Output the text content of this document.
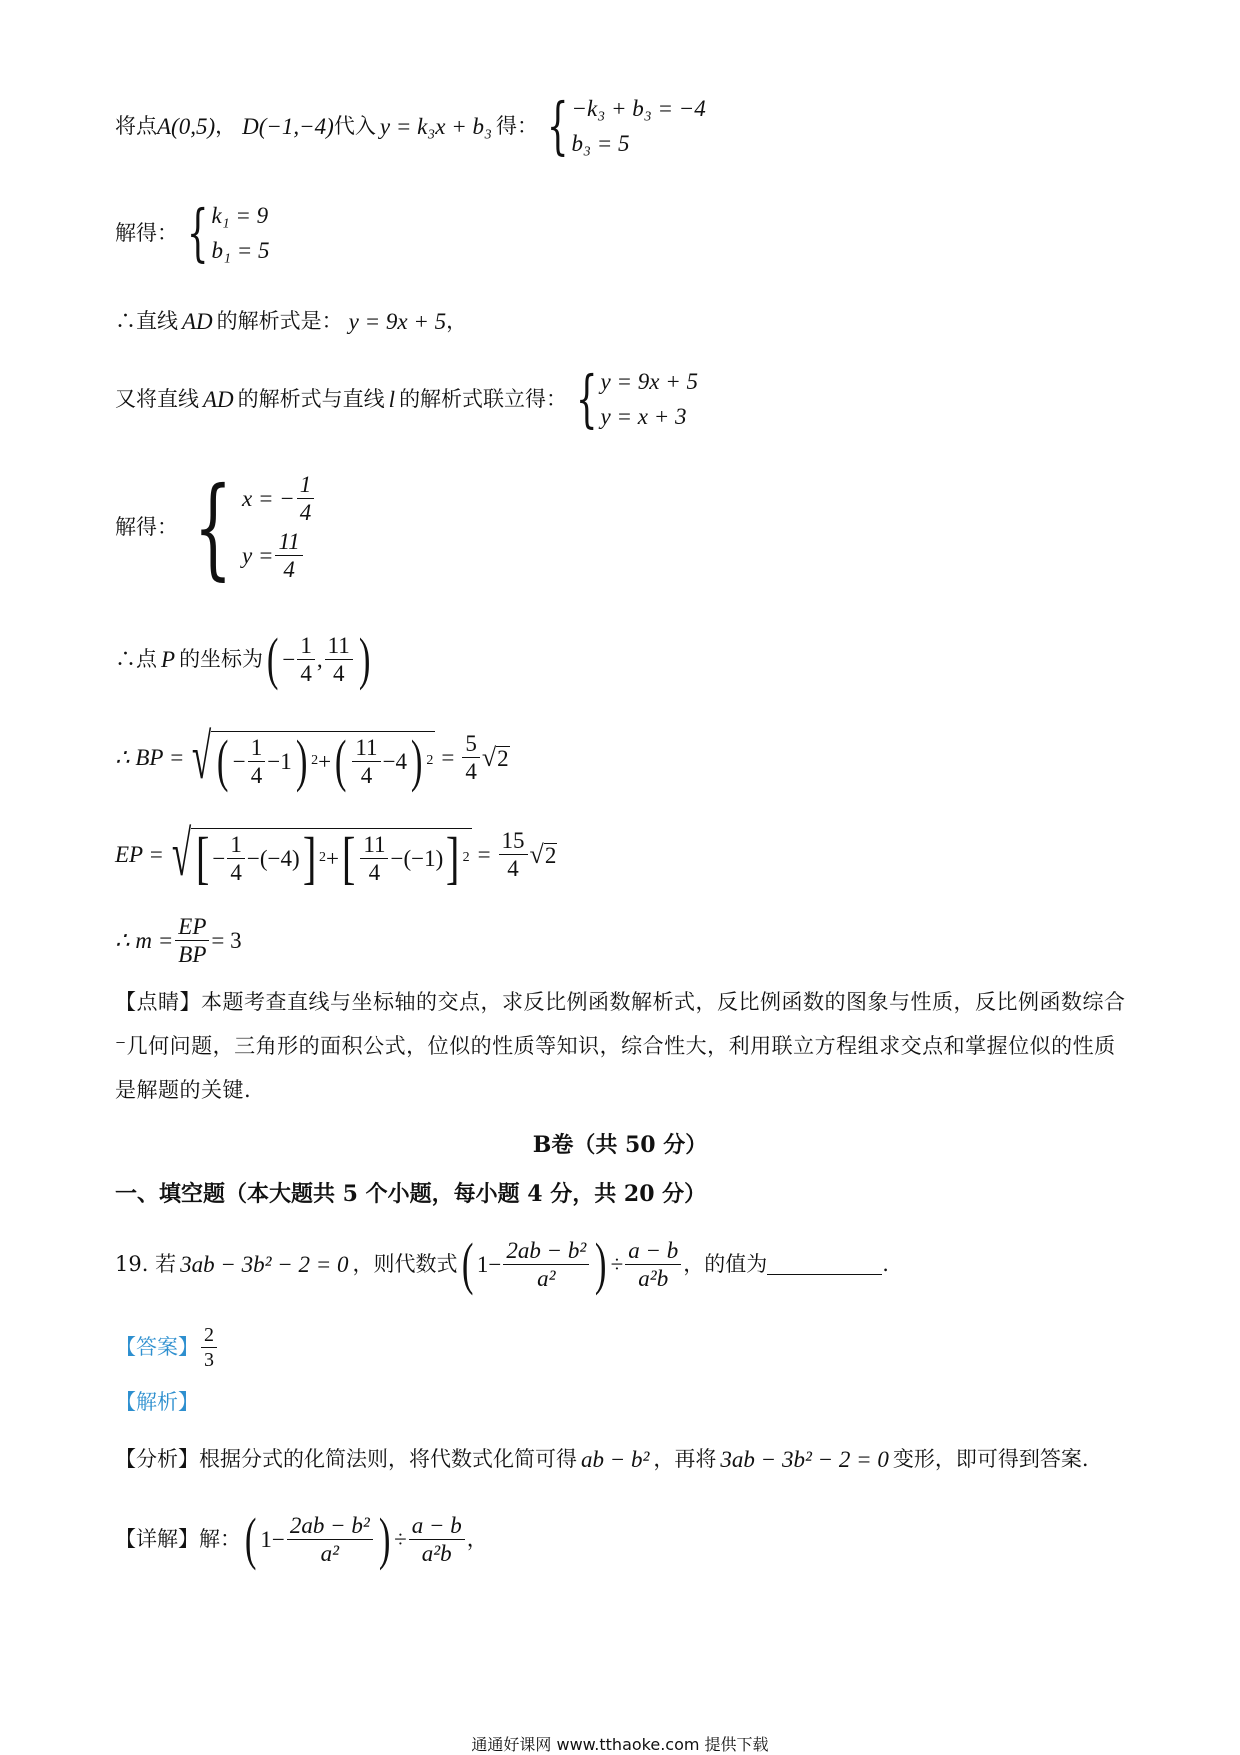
将点 A(0,5) ， D(−1,−4) 代入 y = k₃x + b₃ 得： { −k₃ + b₃ = −4
b₃ = 5
解得： { k₁ = 9
b₁ = 5
∴直线 AD 的解析式是： y = 9x + 5 ，
又将直线 AD 的解析式与直线 l 的解析式联立得： { y = 9x + 5
y = x + 3
解得： { x = − $\frac{1}{4}$
$y = \frac{11}{4}$
∴点 P 的坐标为 ( − $\frac{1}{4}$ , $\frac{11}{4}$ )
∴ BP = √ ( − $\frac{1}{4} -1$ ) 2 + ( $\frac{11}{4} -4$ ) $2 = \frac{5}{4}$ √ 2
EP = √ [ − $\frac{1}{4} -(-4)$ ] 2 + [ $\frac{11}{4} -(-1)$ ] $2 = \frac{15}{4}$ √ 2
∴ $m = \frac{EP}{BP} = 3$
【点睛】本题考查直线与坐标轴的交点，求反比例函数解析式，反比例函数的图象与性质，反比例函数综合⁻几何问题，三角形的面积公式，位似的性质等知识，综合性大，利用联立方程组求交点和掌握位似的性质是解题的关键.
B卷（共 50 分）
一、填空题（本大题共 5 个小题，每小题 4 分，共 20 分）
19. 若 3ab − 3b² − 2 = 0 ，则代数式 ( $1- \frac{\text{2ab − b²}}{\text{a²}}$ ) ÷ $\frac{a - b}{\text{a²b}}$ ，的值为	.
【答案】 $\frac{2}{3}$
【解析】
【分析】 根据分式的化简法则，将代数式化简可得 ab − b² ，再将 3ab − 3b² − 2 = 0 变形，即可得到答案.
【详解】 解： ( $1- \frac{\text{2ab − b²}}{\text{a²}}$ ) ÷ $\frac{a - b}{\text{a²b}}$ ，
通通好课网 www.tthaoke.com 提供下载
